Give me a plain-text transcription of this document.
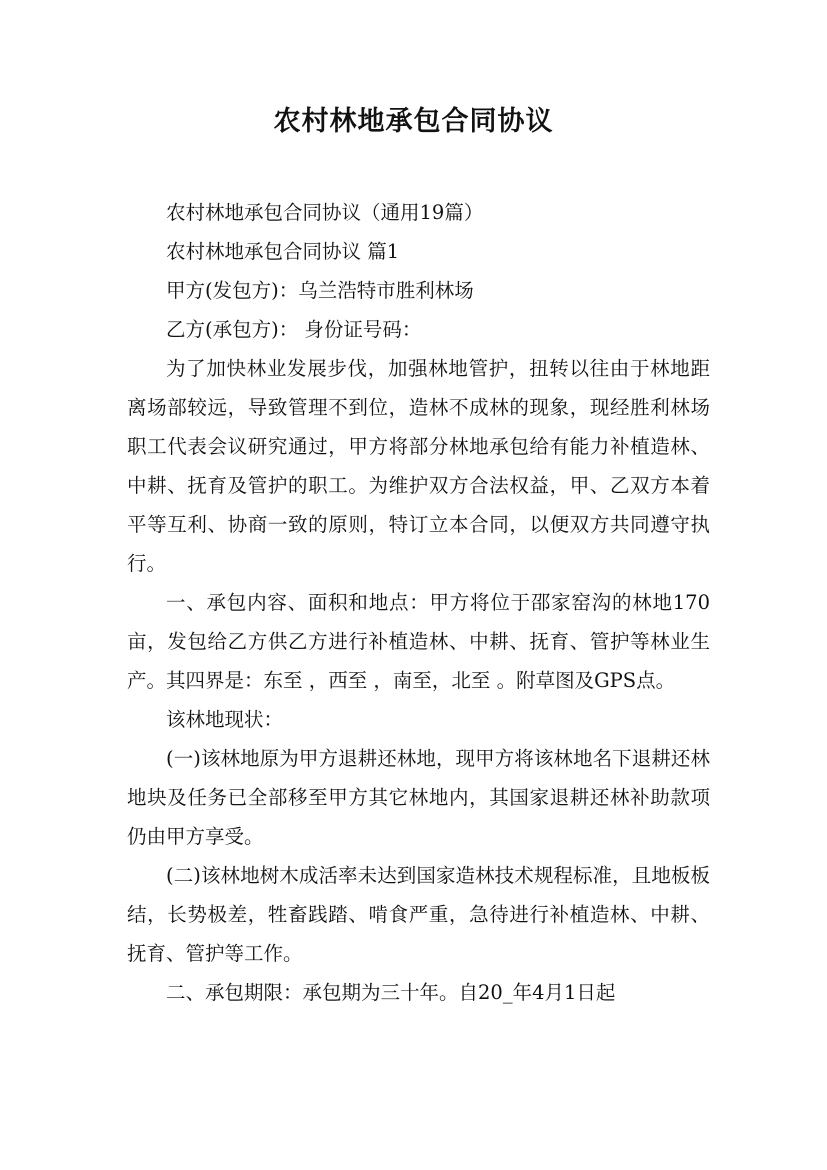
农村林地承包合同协议

农村林地承包合同协议（通用19篇）

农村林地承包合同协议 篇1

甲方(发包方)：乌兰浩特市胜利林场

乙方(承包方)： 身份证号码：

为了加快林业发展步伐，加强林地管护，扭转以往由于林地距离场部较远，导致管理不到位，造林不成林的现象，现经胜利林场职工代表会议研究通过，甲方将部分林地承包给有能力补植造林、中耕、抚育及管护的职工。为维护双方合法权益，甲、乙双方本着平等互利、协商一致的原则，特订立本合同，以便双方共同遵守执行。

一、承包内容、面积和地点：甲方将位于邵家窑沟的林地170亩，发包给乙方供乙方进行补植造林、中耕、抚育、管护等林业生产。其四界是：东至 ，西至 ，南至，北至 。附草图及GPS点。

该林地现状：

(一)该林地原为甲方退耕还林地，现甲方将该林地名下退耕还林地块及任务已全部移至甲方其它林地内，其国家退耕还林补助款项仍由甲方享受。

(二)该林地树木成活率未达到国家造林技术规程标准，且地板板结，长势极差，牲畜践踏、啃食严重，急待进行补植造林、中耕、抚育、管护等工作。

二、承包期限：承包期为三十年。自20_年4月1日起
